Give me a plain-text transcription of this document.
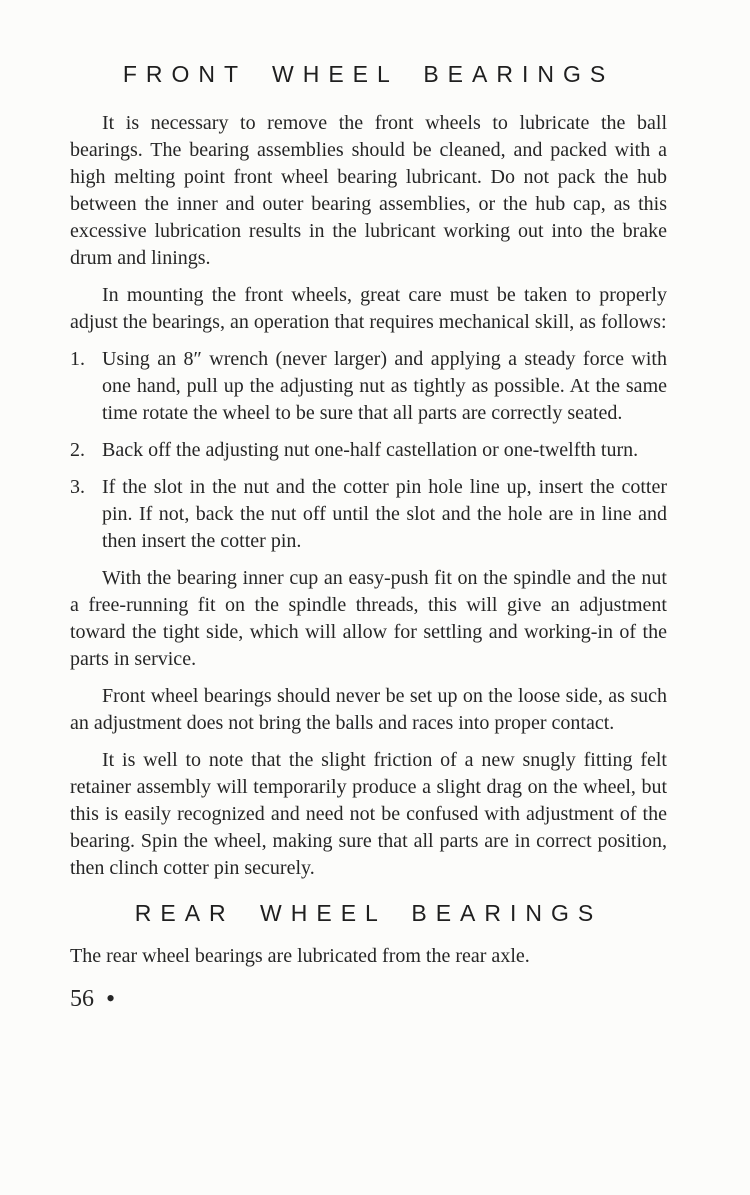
FRONT WHEEL BEARINGS

It is necessary to remove the front wheels to lubricate the ball bearings. The bearing assemblies should be cleaned, and packed with a high melting point front wheel bearing lubricant. Do not pack the hub between the inner and outer bearing assemblies, or the hub cap, as this excessive lubrication results in the lubricant working out into the brake drum and linings.

In mounting the front wheels, great care must be taken to properly adjust the bearings, an operation that requires mechanical skill, as follows:

1. Using an 8″ wrench (never larger) and applying a steady force with one hand, pull up the adjusting nut as tightly as possible. At the same time rotate the wheel to be sure that all parts are correctly seated.
2. Back off the adjusting nut one-half castellation or one-twelfth turn.
3. If the slot in the nut and the cotter pin hole line up, insert the cotter pin. If not, back the nut off until the slot and the hole are in line and then insert the cotter pin.

With the bearing inner cup an easy-push fit on the spindle and the nut a free-running fit on the spindle threads, this will give an adjustment toward the tight side, which will allow for settling and working-in of the parts in service.

Front wheel bearings should never be set up on the loose side, as such an adjustment does not bring the balls and races into proper contact.

It is well to note that the slight friction of a new snugly fitting felt retainer assembly will temporarily produce a slight drag on the wheel, but this is easily recognized and need not be confused with adjustment of the bearing. Spin the wheel, making sure that all parts are in correct position, then clinch cotter pin securely.

REAR WHEEL BEARINGS

The rear wheel bearings are lubricated from the rear axle.

56 •
